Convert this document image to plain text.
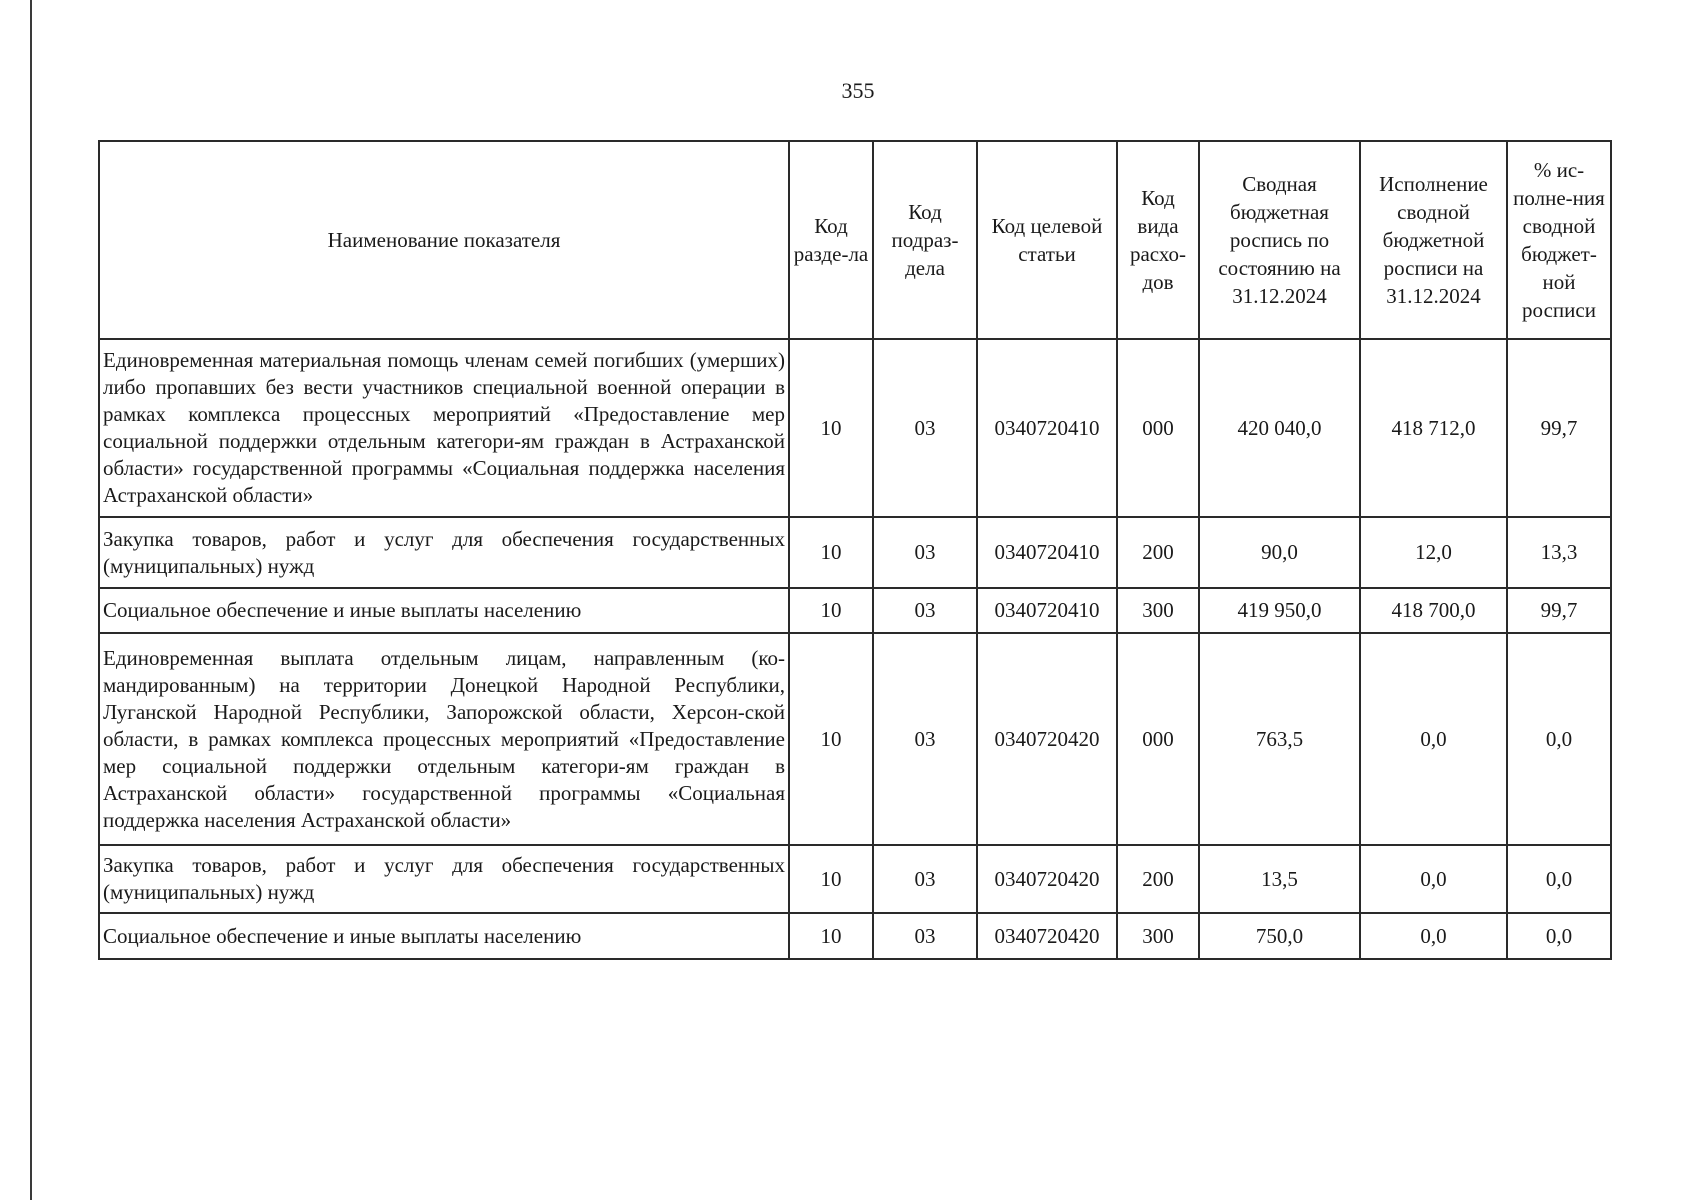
355
Наименование показателя	Код разде-ла	Код подраз-дела	Код целевой статьи	Код вида расхо-дов	Сводная бюджетная роспись по состоянию на 31.12.2024	Исполнение сводной бюджетной росписи на 31.12.2024	% ис-полне-ния сводной бюджет-ной росписи
Единовременная материальная помощь членам семей погибших (умерших) либо пропавших без вести участников специальной военной операции в рамках комплекса процессных мероприятий «Предоставление мер социальной поддержки отдельным категори-ям граждан в Астраханской области» государственной программы «Социальная поддержка населения Астраханской области»	10	03	0340720410	000	420 040,0	418 712,0	99,7
Закупка товаров, работ и услуг для обеспечения государственных (муниципальных) нужд	10	03	0340720410	200	90,0	12,0	13,3
Социальное обеспечение и иные выплаты населению	10	03	0340720410	300	419 950,0	418 700,0	99,7
Единовременная выплата отдельным лицам, направленным (ко-мандированным) на территории Донецкой Народной Республики, Луганской Народной Республики, Запорожской области, Херсон-ской области, в рамках комплекса процессных мероприятий «Предоставление мер социальной поддержки отдельным категори-ям граждан в Астраханской области» государственной программы «Социальная поддержка населения Астраханской области»	10	03	0340720420	000	763,5	0,0	0,0
Закупка товаров, работ и услуг для обеспечения государственных (муниципальных) нужд	10	03	0340720420	200	13,5	0,0	0,0
Социальное обеспечение и иные выплаты населению	10	03	0340720420	300	750,0	0,0	0,0
